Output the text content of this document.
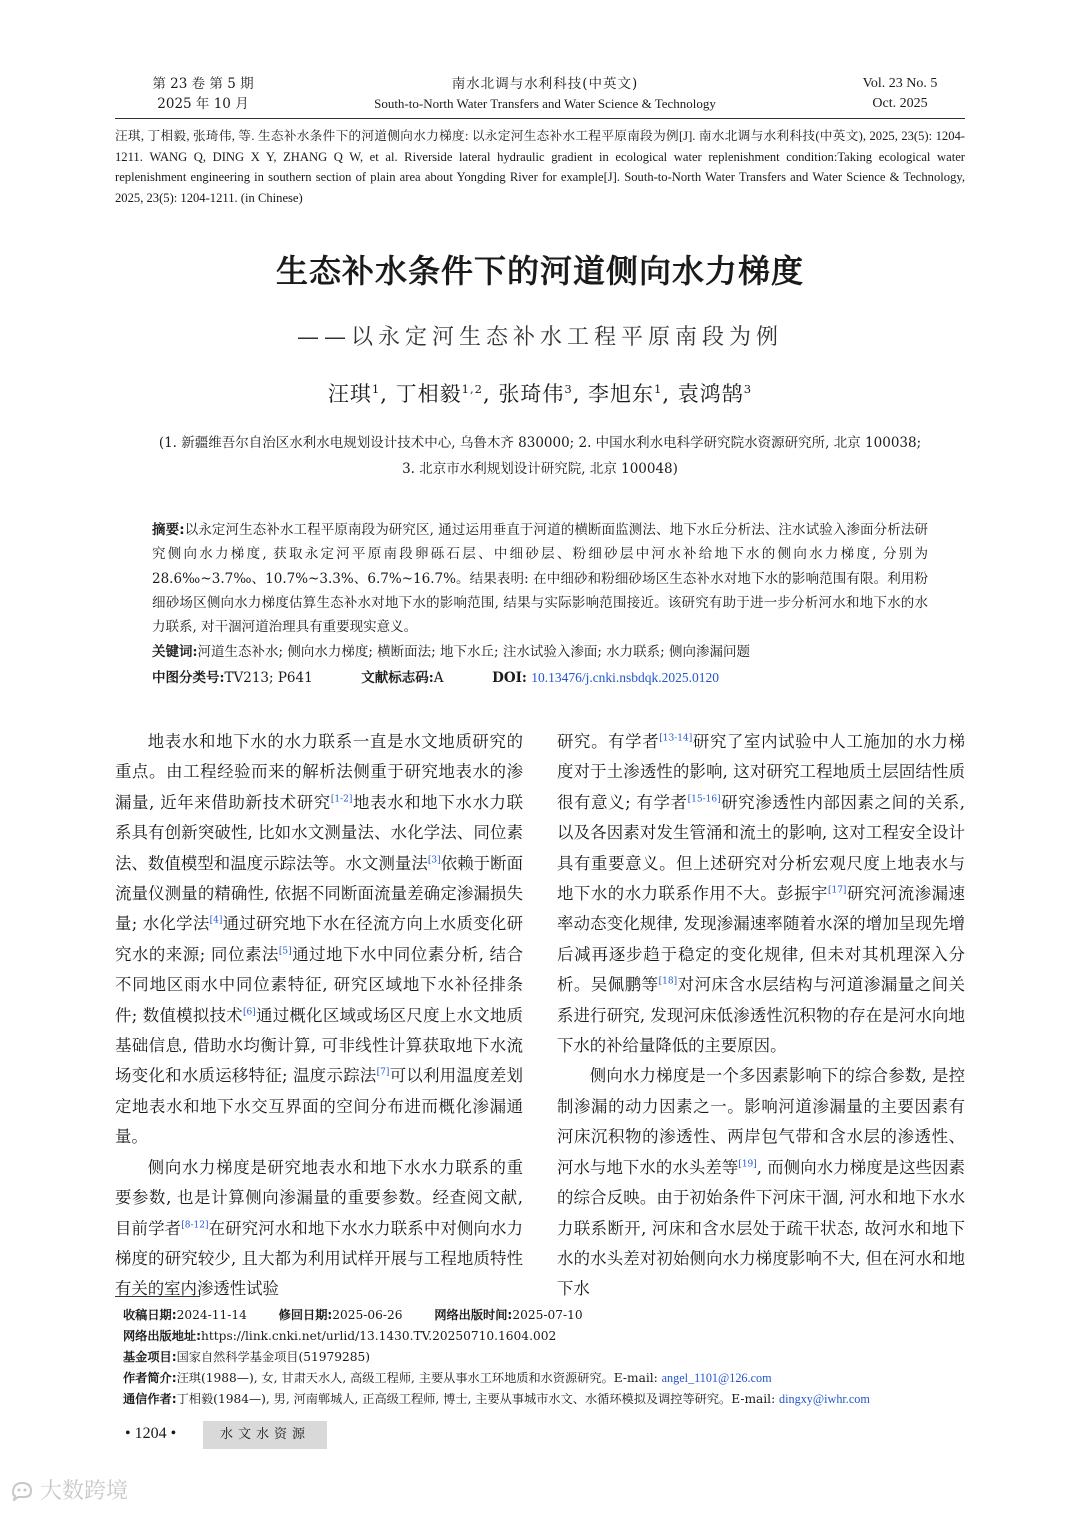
第 23 卷 第 5 期
2025 年 10 月
南水北调与水利科技(中英文)
South-to-North Water Transfers and Water Science & Technology
Vol. 23 No. 5
Oct. 2025
汪琪, 丁相毅, 张琦伟, 等. 生态补水条件下的河道侧向水力梯度: 以永定河生态补水工程平原南段为例[J]. 南水北调与水利科技(中英文), 2025, 23(5): 1204-1211. WANG Q, DING X Y, ZHANG Q W, et al. Riverside lateral hydraulic gradient in ecological water replenishment condition:Taking ecological water replenishment engineering in southern section of plain area about Yongding River for example[J]. South-to-North Water Transfers and Water Science & Technology, 2025, 23(5): 1204-1211. (in Chinese)
生态补水条件下的河道侧向水力梯度
——以永定河生态补水工程平原南段为例
汪琪$^1$, 丁相毅$^{1,2}$, 张琦伟$^3$, 李旭东$^1$, 袁鸿鹄$^3$
(1. 新疆维吾尔自治区水利水电规划设计技术中心, 乌鲁木齐 830000; 2. 中国水利水电科学研究院水资源研究所, 北京 100038;
3. 北京市水利规划设计研究院, 北京 100048)
摘要:以永定河生态补水工程平原南段为研究区, 通过运用垂直于河道的横断面监测法、地下水丘分析法、注水试验入渗面分析法研究侧向水力梯度, 获取永定河平原南段卵砾石层、中细砂层、粉细砂层中河水补给地下水的侧向水力梯度, 分别为 28.6‰~3.7‰、10.7%~3.3%、6.7%~16.7%。结果表明: 在中细砂和粉细砂场区生态补水对地下水的影响范围有限。利用粉细砂场区侧向水力梯度估算生态补水对地下水的影响范围, 结果与实际影响范围接近。该研究有助于进一步分析河水和地下水的水力联系, 对干涸河道治理具有重要现实意义。
关键词:河道生态补水; 侧向水力梯度; 横断面法; 地下水丘; 注水试验入渗面; 水力联系; 侧向渗漏问题
中图分类号:TV213; P641	文献标志码:A	DOI: 10.13476/j.cnki.nsbdqk.2025.0120

地表水和地下水的水力联系一直是水文地质研究的重点。由工程经验而来的解析法侧重于研究地表水的渗漏量, 近年来借助新技术研究[1-2]地表水和地下水水力联系具有创新突破性, 比如水文测量法、水化学法、同位素法、数值模型和温度示踪法等。水文测量法[3]依赖于断面流量仪测量的精确性, 依据不同断面流量差确定渗漏损失量; 水化学法[4]通过研究地下水在径流方向上水质变化研究水的来源; 同位素法[5]通过地下水中同位素分析, 结合不同地区雨水中同位素特征, 研究区域地下水补径排条件; 数值模拟技术[6]通过概化区域或场区尺度上水文地质基础信息, 借助水均衡计算, 可非线性计算获取地下水流场变化和水质运移特征; 温度示踪法[7]可以利用温度差划定地表水和地下水交互界面的空间分布进而概化渗漏通量。

侧向水力梯度是研究地表水和地下水水力联系的重要参数, 也是计算侧向渗漏量的重要参数。经查阅文献, 目前学者[8-12]在研究河水和地下水水力联系中对侧向水力梯度的研究较少, 且大都为利用试样开展与工程地质特性有关的室内渗透性试验

研究。有学者[13-14]研究了室内试验中人工施加的水力梯度对于土渗透性的影响, 这对研究工程地质土层固结性质很有意义; 有学者[15-16]研究渗透性内部因素之间的关系, 以及各因素对发生管涌和流土的影响, 这对工程安全设计具有重要意义。但上述研究对分析宏观尺度上地表水与地下水的水力联系作用不大。彭振宇[17]研究河流渗漏速率动态变化规律, 发现渗漏速率随着水深的增加呈现先增后减再逐步趋于稳定的变化规律, 但未对其机理深入分析。吴佩鹏等[18]对河床含水层结构与河道渗漏量之间关系进行研究, 发现河床低渗透性沉积物的存在是河水向地下水的补给量降低的主要原因。

侧向水力梯度是一个多因素影响下的综合参数, 是控制渗漏的动力因素之一。影响河道渗漏量的主要因素有河床沉积物的渗透性、两岸包气带和含水层的渗透性、河水与地下水的水头差等[19], 而侧向水力梯度是这些因素的综合反映。由于初始条件下河床干涸, 河水和地下水水力联系断开, 河床和含水层处于疏干状态, 故河水和地下水的水头差对初始侧向水力梯度影响不大, 但在河水和地下水

收稿日期:2024-11-14	修回日期:2025-06-26	网络出版时间:2025-07-10
网络出版地址:https://link.cnki.net/urlid/13.1430.TV.20250710.1604.002
基金项目:国家自然科学基金项目(51979285)
作者简介:汪琪(1988—), 女, 甘肃天水人, 高级工程师, 主要从事水工环地质和水资源研究。E-mail: angel_1101@126.com
通信作者:丁相毅(1984—), 男, 河南郸城人, 正高级工程师, 博士, 主要从事城市水文、水循环模拟及调控等研究。E-mail: dingxy@iwhr.com
• 1204 •	水文水资源
大数跨境
